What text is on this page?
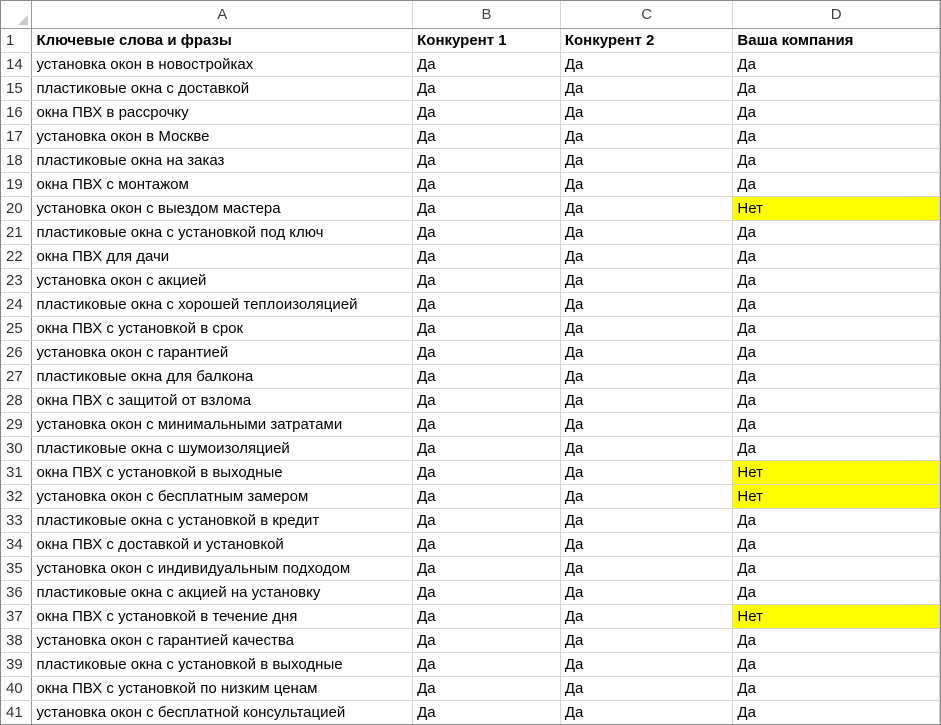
	A	B	C	D
1	Ключевые слова и фразы	Конкурент 1	Конкурент 2	Ваша компания
14	установка окон в новостройках	Да	Да	Да
15	пластиковые окна с доставкой	Да	Да	Да
16	окна ПВХ в рассрочку	Да	Да	Да
17	установка окон в Москве	Да	Да	Да
18	пластиковые окна на заказ	Да	Да	Да
19	окна ПВХ с монтажом	Да	Да	Да
20	установка окон с выездом мастера	Да	Да	Нет
21	пластиковые окна с установкой под ключ	Да	Да	Да
22	окна ПВХ для дачи	Да	Да	Да
23	установка окон с акцией	Да	Да	Да
24	пластиковые окна с хорошей теплоизоляцией	Да	Да	Да
25	окна ПВХ с установкой в срок	Да	Да	Да
26	установка окон с гарантией	Да	Да	Да
27	пластиковые окна для балкона	Да	Да	Да
28	окна ПВХ с защитой от взлома	Да	Да	Да
29	установка окон с минимальными затратами	Да	Да	Да
30	пластиковые окна с шумоизоляцией	Да	Да	Да
31	окна ПВХ с установкой в выходные	Да	Да	Нет
32	установка окон с бесплатным замером	Да	Да	Нет
33	пластиковые окна с установкой в кредит	Да	Да	Да
34	окна ПВХ с доставкой и установкой	Да	Да	Да
35	установка окон с индивидуальным подходом	Да	Да	Да
36	пластиковые окна с акцией на установку	Да	Да	Да
37	окна ПВХ с установкой в течение дня	Да	Да	Нет
38	установка окон с гарантией качества	Да	Да	Да
39	пластиковые окна с установкой в выходные	Да	Да	Да
40	окна ПВХ с установкой по низким ценам	Да	Да	Да
41	установка окон с бесплатной консультацией	Да	Да	Да
